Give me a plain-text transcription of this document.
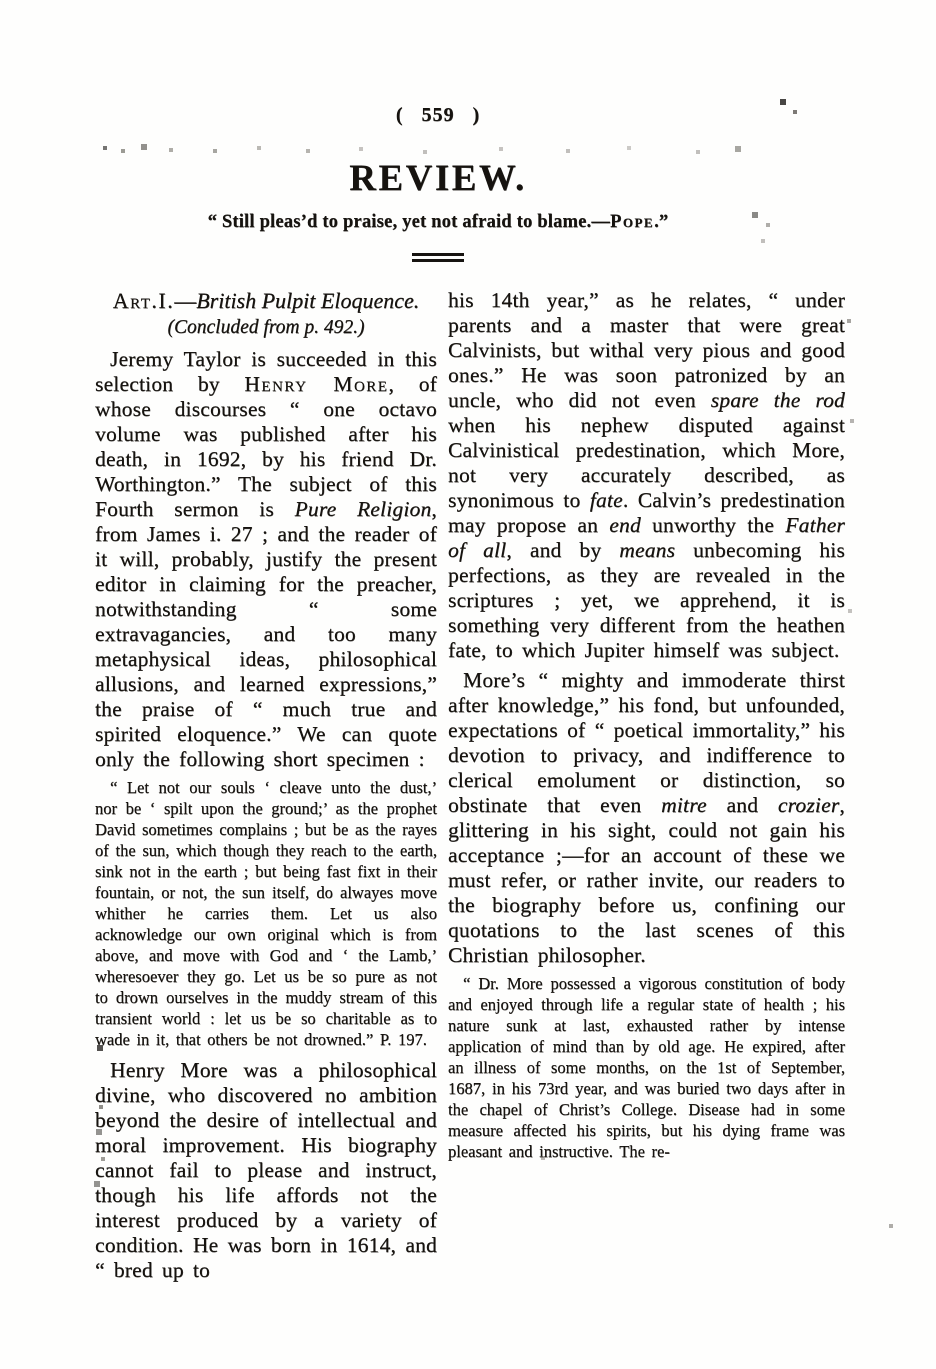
( 559 )
REVIEW.
“ Still pleas’d to praise, yet not afraid to blame.—Pope.”
Art.I.—British Pulpit Eloquence.
(Concluded from p. 492.)

Jeremy Taylor is succeeded in this selection by Henry More, of whose discourses “ one octavo volume was published after his death, in 1692, by his friend Dr. Worthington.” The subject of this Fourth sermon is Pure Religion, from James i. 27 ; and the reader of it will, probably, justify the present editor in claiming for the preacher, notwithstanding “ some extravagancies, and too many metaphysical ideas, philosophical allusions, and learned expressions,” the praise of “ much true and spirited eloquence.” We can quote only the following short specimen :

“ Let not our souls ‘ cleave unto the dust,’ nor be ‘ spilt upon the ground;’ as the prophet David sometimes complains ; but be as the rayes of the sun, which though they reach to the earth, sink not in the earth ; but being fast fixt in their fountain, or not, the sun itself, do alwayes move whither he carries them. Let us also acknowledge our own original which is from above, and move with God and ‘ the Lamb,’ wheresoever they go. Let us be so pure as not to drown ourselves in the muddy stream of this transient world : let us be so charitable as to wade in it, that others be not drowned.” P. 197.

Henry More was a philosophical divine, who discovered no ambition beyond the desire of intellectual and moral improvement. His biography cannot fail to please and instruct, though his life affords not the interest produced by a variety of condition. He was born in 1614, and “ bred up to

his 14th year,” as he relates, “ under parents and a master that were great Calvinists, but withal very pious and good ones.” He was soon patronized by an uncle, who did not even spare the rod when his nephew disputed against Calvinistical predestination, which More, not very accurately described, as synonimous to fate. Calvin’s predestination may propose an end unworthy the Father of all, and by means unbecoming his perfections, as they are revealed in the scriptures ; yet, we apprehend, it is something very different from the heathen fate, to which Jupiter himself was subject.

More’s “ mighty and immoderate thirst after knowledge,” his fond, but unfounded, expectations of “ poetical immortality,” his devotion to privacy, and indifference to clerical emolument or distinction, so obstinate that even mitre and crozier, glittering in his sight, could not gain his acceptance ;—for an account of these we must refer, or rather invite, our readers to the biography before us, confining our quotations to the last scenes of this Christian philosopher.

“ Dr. More possessed a vigorous constitution of body and enjoyed through life a regular state of health ; his nature sunk at last, exhausted rather by intense application of mind than by old age. He expired, after an illness of some months, on the 1st of September, 1687, in his 73rd year, and was buried two days after in the chapel of Christ’s College. Disease had in some measure affected his spirits, but his dying frame was pleasant and instructive. The re-
